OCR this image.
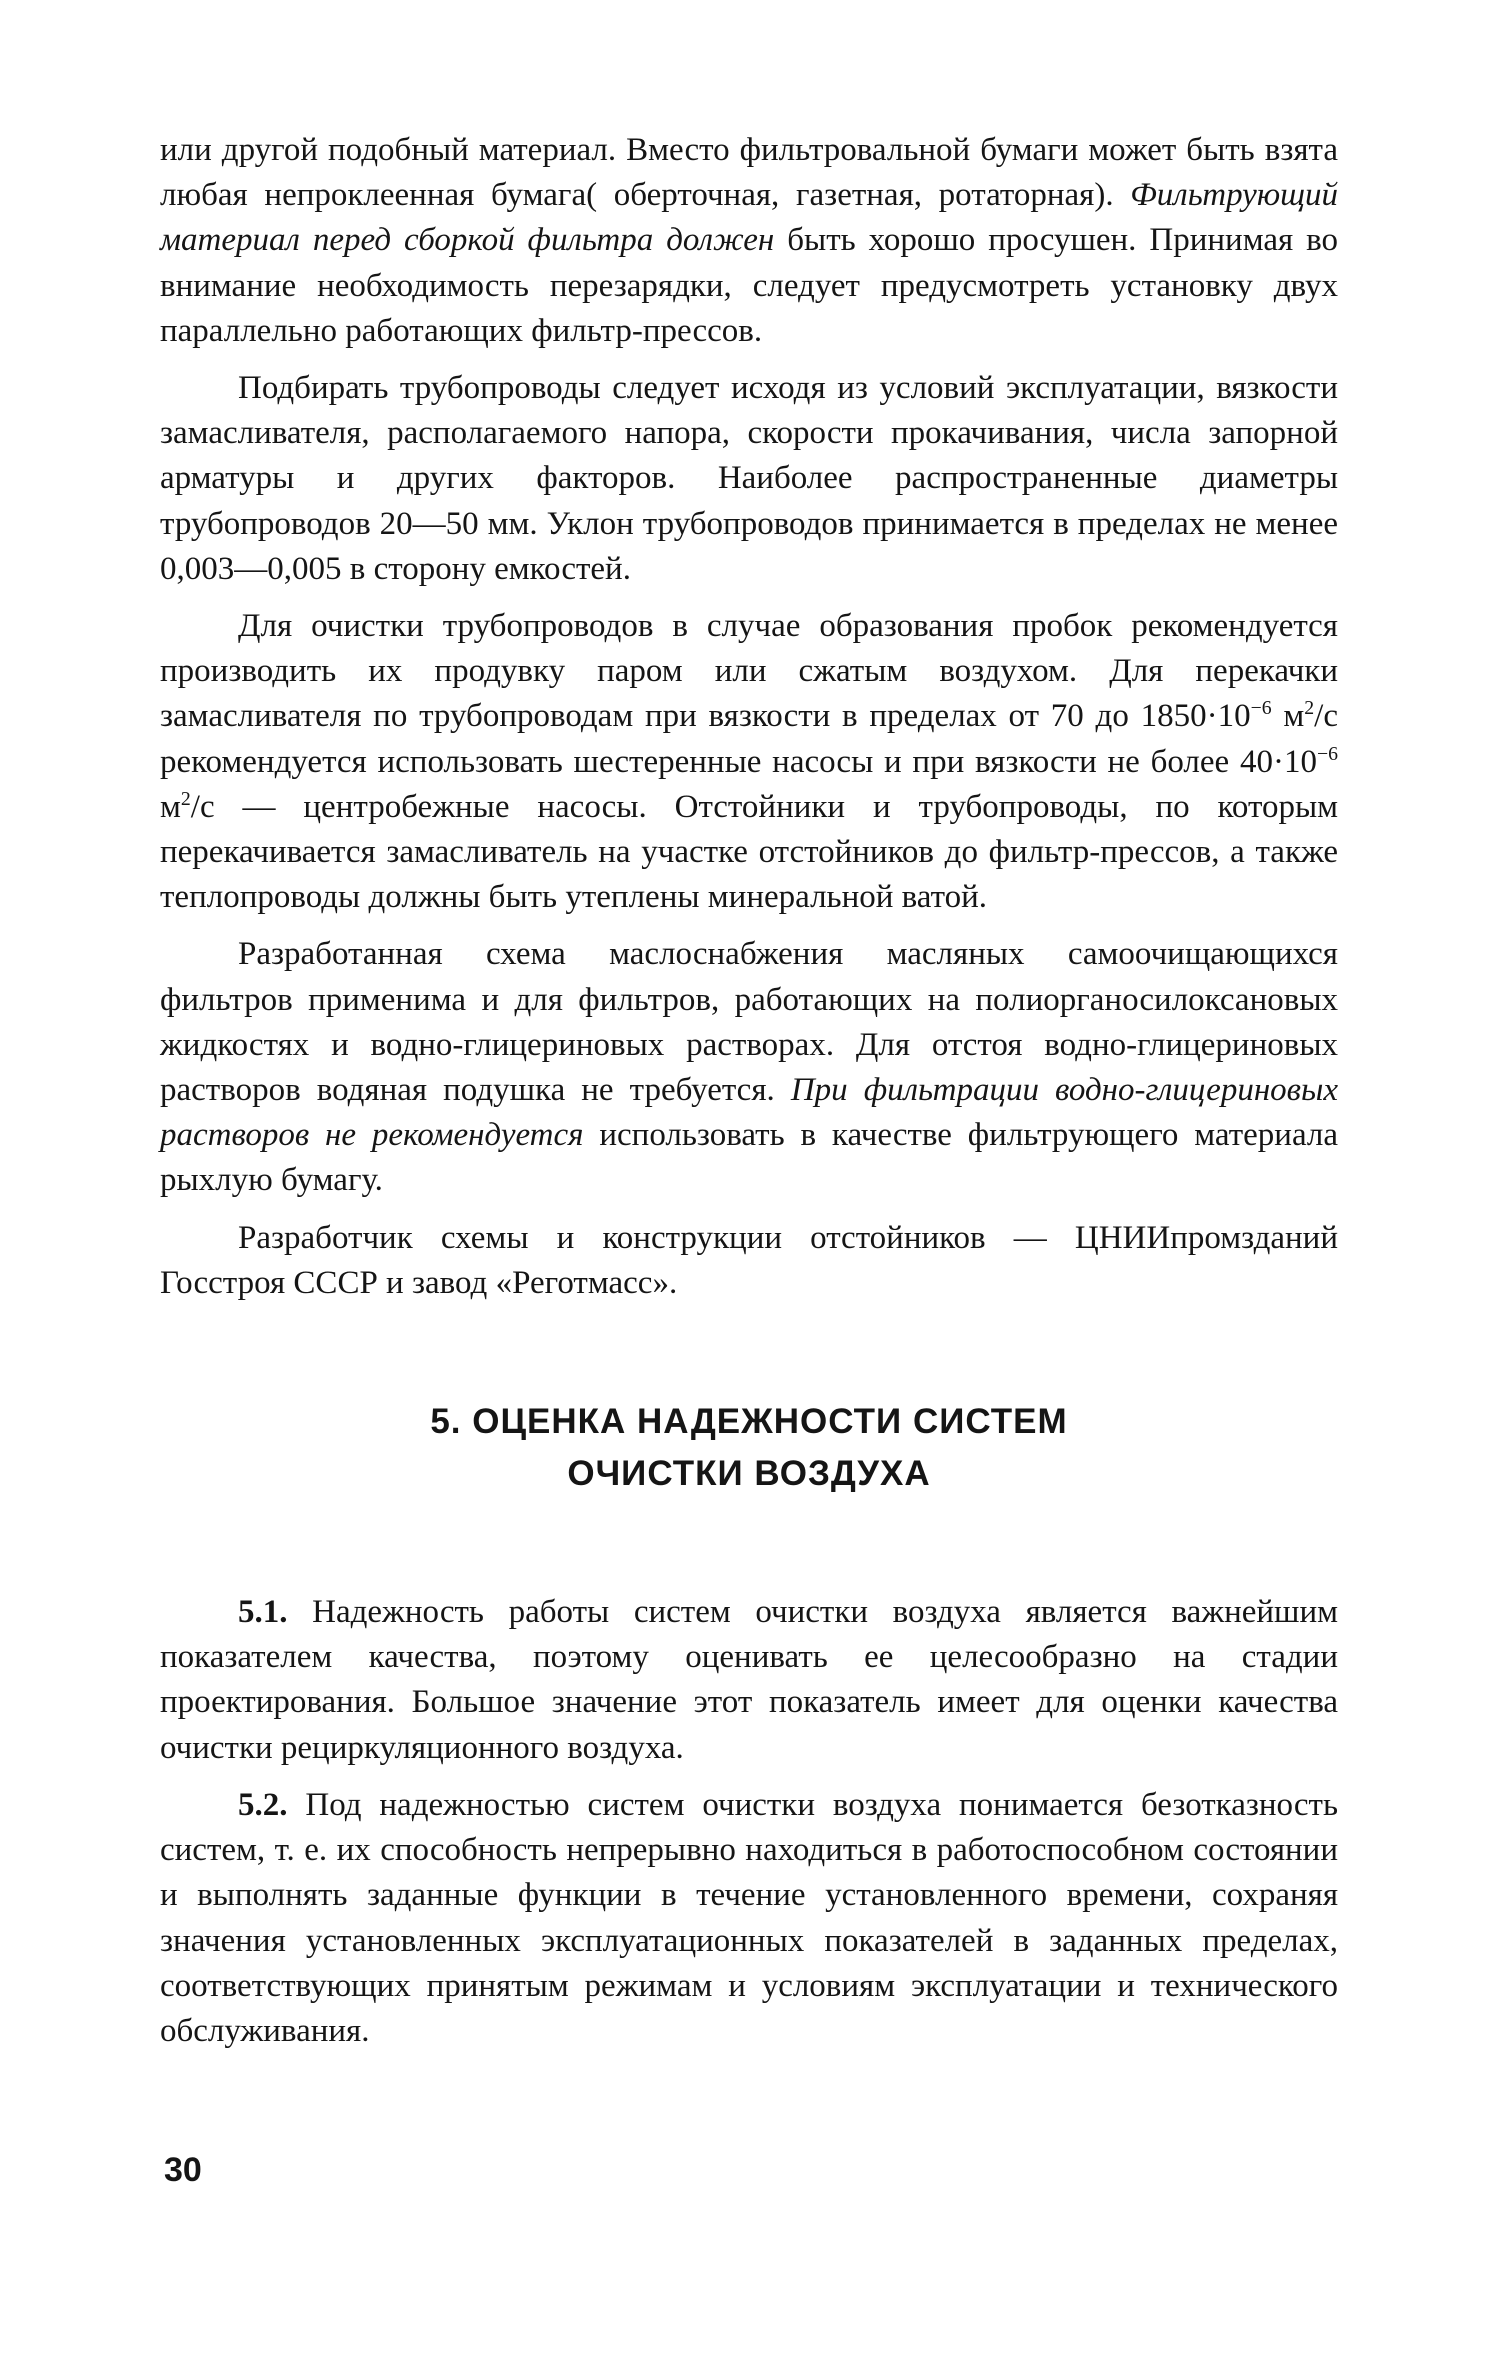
или другой подобный материал. Вместо фильтровальной бумаги может быть взята любая непроклеенная бумага( оберточная, газетная, ротаторная). Фильтрующий материал перед сборкой фильтра должен быть хорошо просушен. Принимая во внимание необходимость перезарядки, следует предусмотреть установку двух параллельно работающих фильтр-прессов.

Подбирать трубопроводы следует исходя из условий эксплуатации, вязкости замасливателя, располагаемого напора, скорости прокачивания, числа запорной арматуры и других факторов. Наиболее распространенные диаметры трубопроводов 20—50 мм. Уклон трубопроводов принимается в пределах не менее 0,003—0,005 в сторону емкостей.

Для очистки трубопроводов в случае образования пробок рекомендуется производить их продувку паром или сжатым воздухом. Для перекачки замасливателя по трубопроводам при вязкости в пределах от 70 до $1850\cdot 10^{-6}$ $м^2/с$ рекомендуется использовать шестеренные насосы и при вязкости не более $40\cdot 10^{-6}$ $м^2/с$ — центробежные насосы. Отстойники и трубопроводы, по которым перекачивается замасливатель на участке отстойников до фильтр-прессов, а также теплопроводы должны быть утеплены минеральной ватой.

Разработанная схема маслоснабжения масляных самоочищающихся фильтров применима и для фильтров, работающих на полиорганосилоксановых жидкостях и водно-глицериновых растворах. Для отстоя водно-глицериновых растворов водяная подушка не требуется. При фильтрации водно-глицериновых растворов не рекомендуется использовать в качестве фильтрующего материала рыхлую бумагу.

Разработчик схемы и конструкции отстойников — ЦНИИпромзданий Госстроя СССР и завод «Реготмасс».

5. ОЦЕНКА НАДЕЖНОСТИ СИСТЕМ
ОЧИСТКИ ВОЗДУХА

5.1. Надежность работы систем очистки воздуха является важнейшим показателем качества, поэтому оценивать ее целесообразно на стадии проектирования. Большое значение этот показатель имеет для оценки качества очистки рециркуляционного воздуха.

5.2. Под надежностью систем очистки воздуха понимается безотказность систем, т. е. их способность непрерывно находиться в работоспособном состоянии и выполнять заданные функции в течение установленного времени, сохраняя значения установленных эксплуатационных показателей в заданных пределах, соответствующих принятым режимам и условиям эксплуатации и технического обслуживания.

30
